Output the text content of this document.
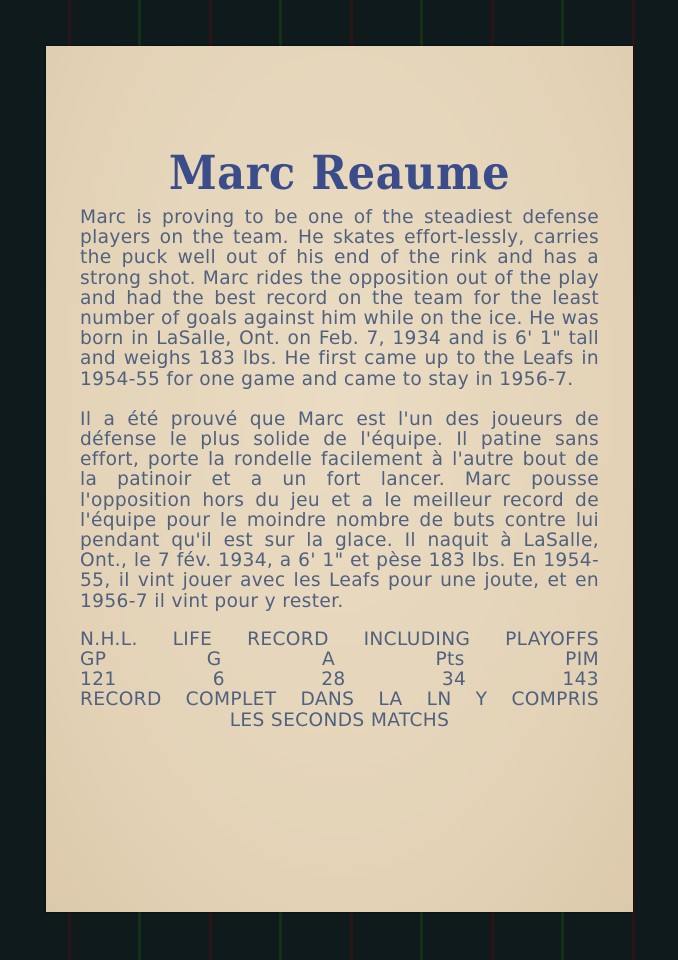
Marc Reaume

Marc is proving to be one of the steadiest defense players on the team. He skates effort-lessly, carries the puck well out of his end of the rink and has a strong shot. Marc rides the opposition out of the play and had the best record on the team for the least number of goals against him while on the ice. He was born in LaSalle, Ont. on Feb. 7, 1934 and is 6' 1" tall and weighs 183 lbs. He first came up to the Leafs in 1954-55 for one game and came to stay in 1956-7.

Il a été prouvé que Marc est l'un des joueurs de défense le plus solide de l'équipe. Il patine sans effort, porte la rondelle facilement à l'autre bout de la patinoir et a un fort lancer. Marc pousse l'opposition hors du jeu et a le meilleur record de l'équipe pour le moindre nombre de buts contre lui pendant qu'il est sur la glace. Il naquit à LaSalle, Ont., le 7 fév. 1934, a 6' 1" et pèse 183 lbs. En 1954-55, il vint jouer avec les Leafs pour une joute, et en 1956-7 il vint pour y rester.

N.H.L. LIFE RECORD INCLUDING PLAYOFFS
GP	G	A	Pts	PIM
121	6	28	34	143
RECORD COMPLET DANS LA LN Y COMPRIS
LES SECONDS MATCHS
